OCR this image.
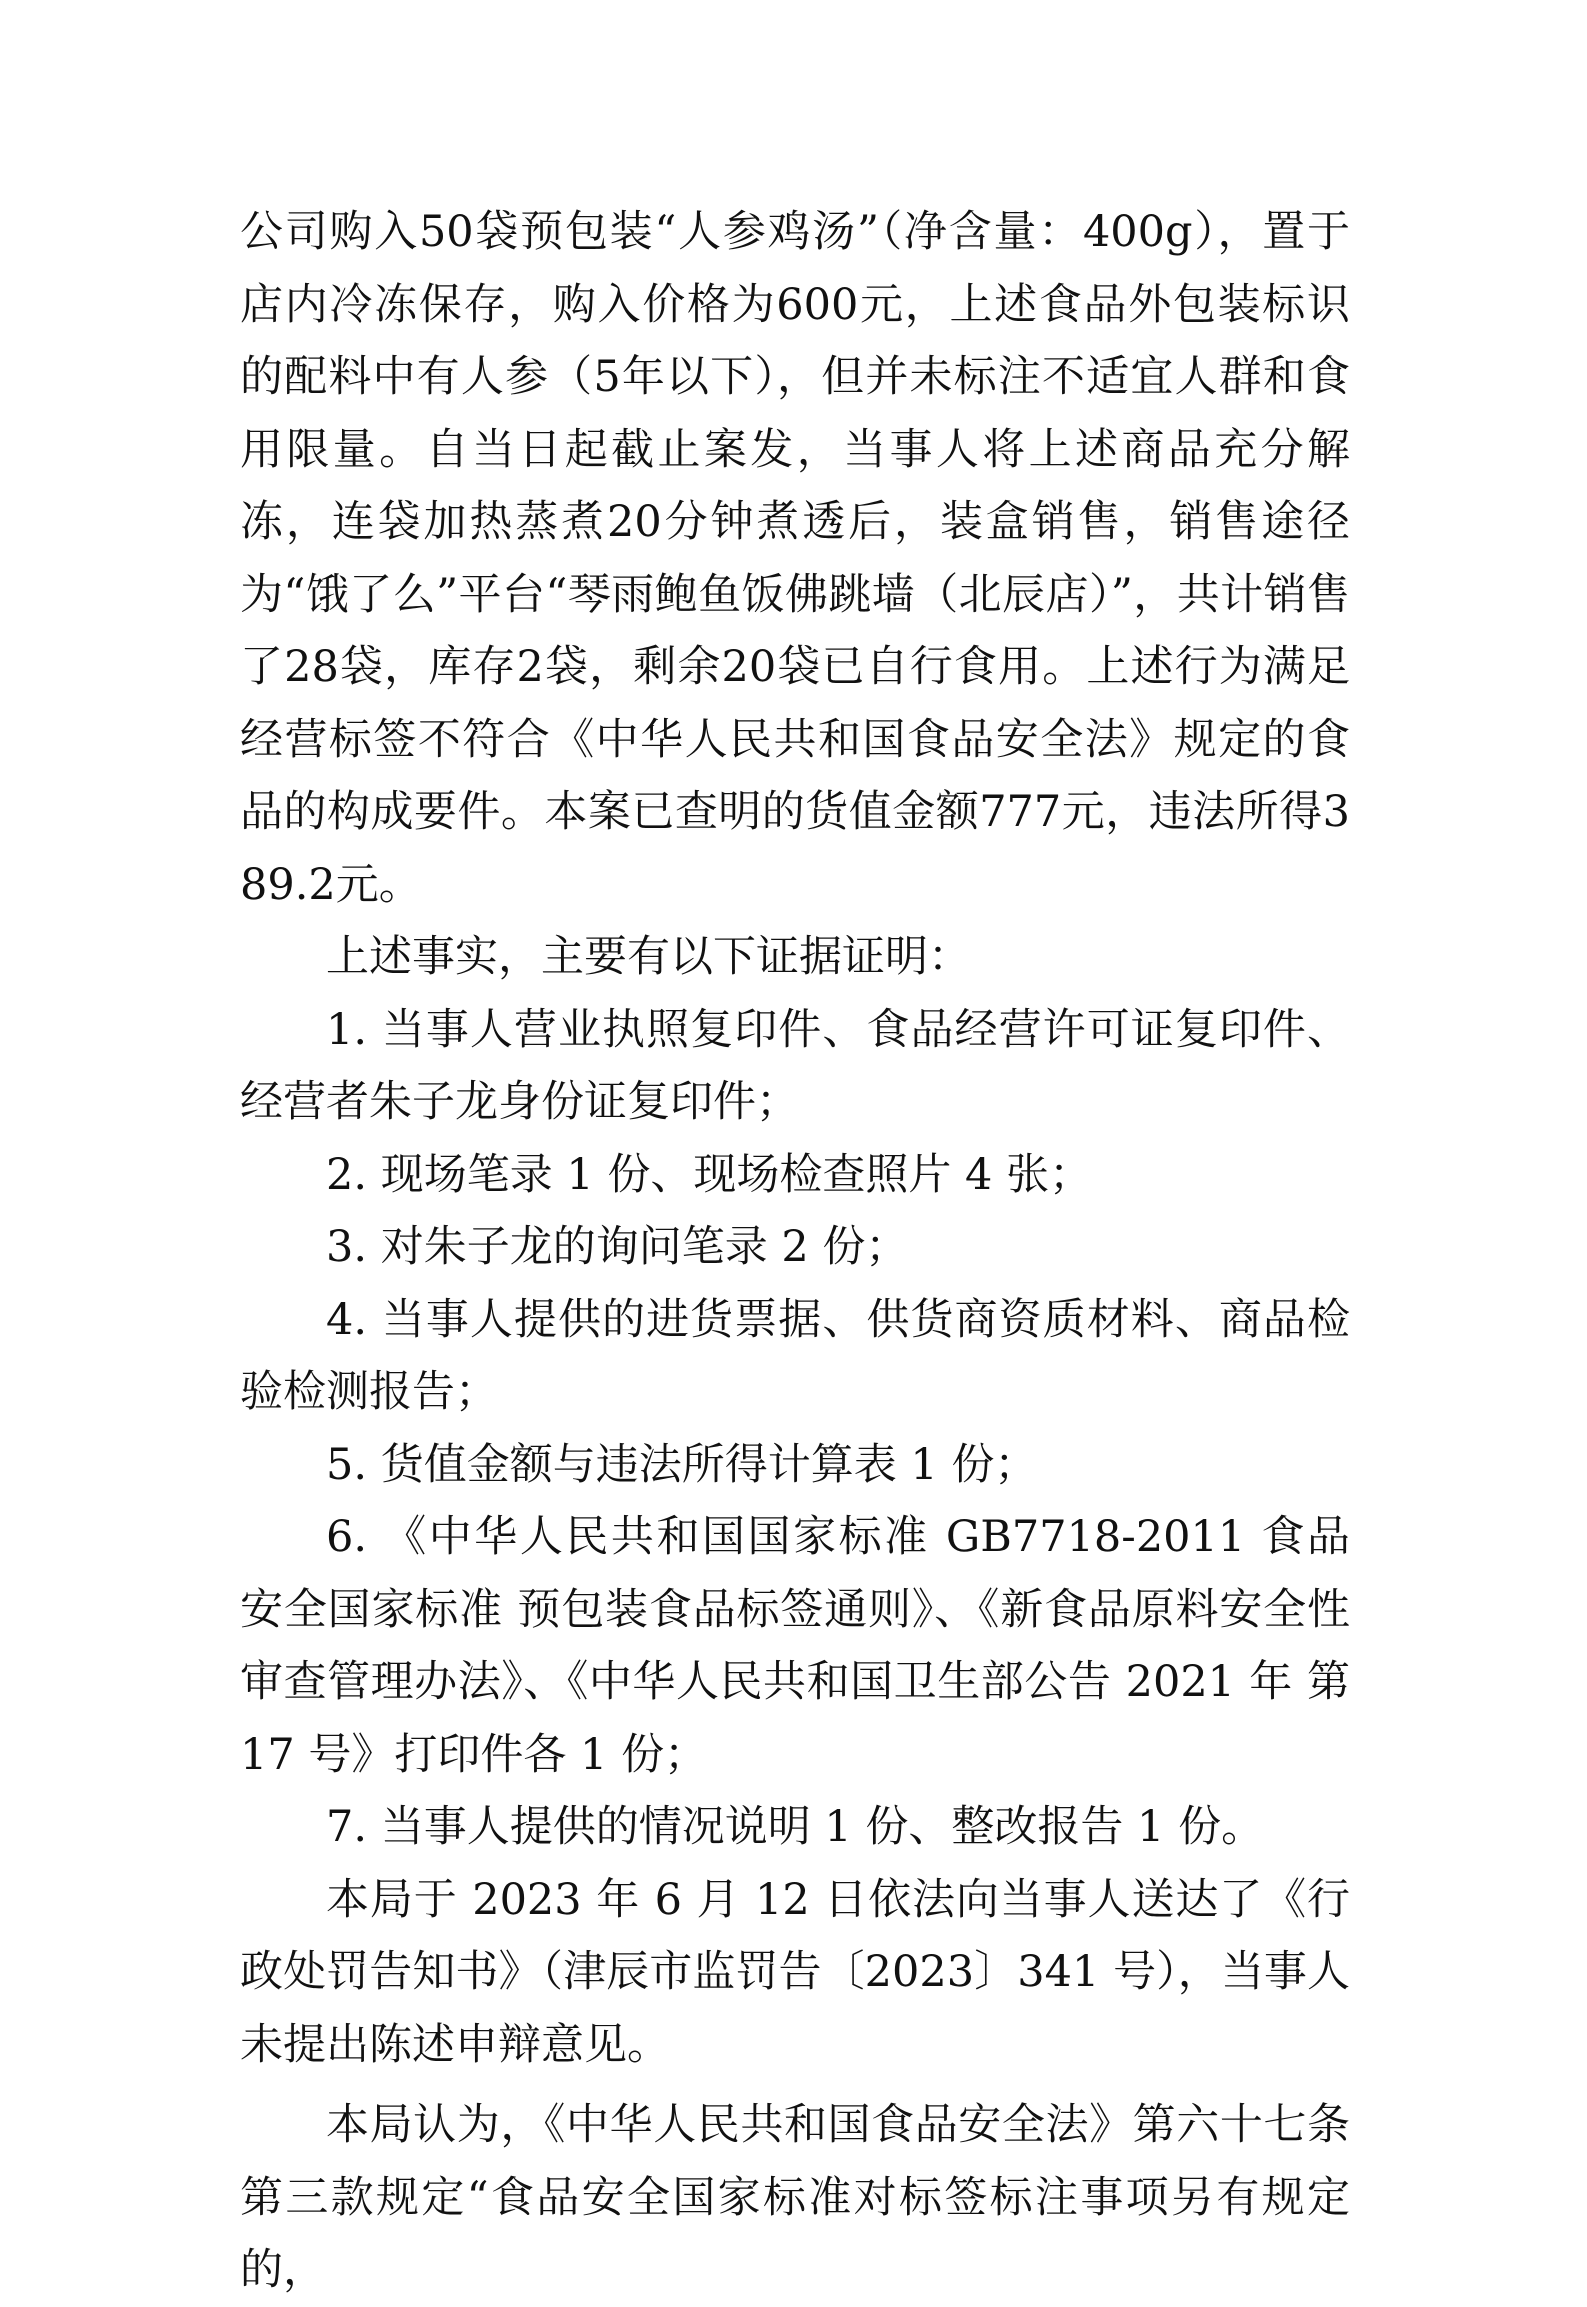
公司购入50袋预包装“人参鸡汤”（净含量：400g），置于店内冷冻保存，购入价格为600元，上述食品外包装标识的配料中有人参（5年以下），但并未标注不适宜人群和食用限量。自当日起截止案发，当事人将上述商品充分解冻，连袋加热蒸煮20分钟煮透后，装盒销售，销售途径为“饿了么”平台“琴雨鲍鱼饭佛跳墙（北辰店）”，共计销售了28袋，库存2袋，剩余20袋已自行食用。上述行为满足经营标签不符合《中华人民共和国食品安全法》规定的食品的构成要件。本案已查明的货值金额777元，违法所得389.2元。

上述事实，主要有以下证据证明：

1. 当事人营业执照复印件、食品经营许可证复印件、经营者朱子龙身份证复印件；

2. 现场笔录 1 份、现场检查照片 4 张；

3. 对朱子龙的询问笔录 2 份；

4. 当事人提供的进货票据、供货商资质材料、商品检验检测报告；

5. 货值金额与违法所得计算表 1 份；

6. 《中华人民共和国国家标准 GB7718-2011 食品安全国家标准 预包装食品标签通则》、《新食品原料安全性审查管理办法》、《中华人民共和国卫生部公告 2021 年 第 17 号》打印件各 1 份；

7. 当事人提供的情况说明 1 份、整改报告 1 份。

本局于 2023 年 6 月 12 日依法向当事人送达了《行政处罚告知书》（津辰市监罚告〔2023〕341 号），当事人未提出陈述申辩意见。

本局认为，《中华人民共和国食品安全法》第六十七条第三款规定“食品安全国家标准对标签标注事项另有规定的，
